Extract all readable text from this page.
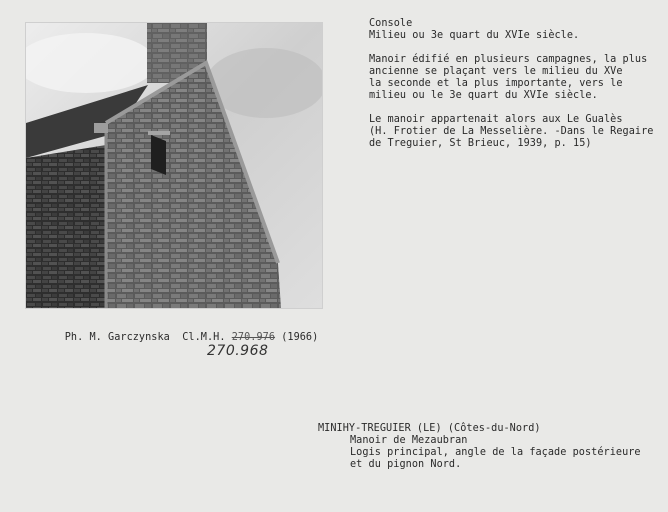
Console
Milieu ou 3e quart du XVIe siècle.
Manoir édifié en plusieurs campagnes, la plus
ancienne se plaçant vers le milieu du XVe
la seconde et la plus importante, vers le
milieu ou le 3e quart du XVIe siècle.
Le manoir appartenait alors aux Le Gualès
(H. Frotier de La Messelière. -Dans le Regaire
de Treguier, St Brieuc, 1939, p. 15)

Ph. M. Garczynska Cl.M.H. 270.976 (1966)

270.968
MINIHY-TREGUIER (LE) (Côtes-du-Nord)
Manoir de Mezaubran
Logis principal, angle de la façade postérieure
et du pignon Nord.
